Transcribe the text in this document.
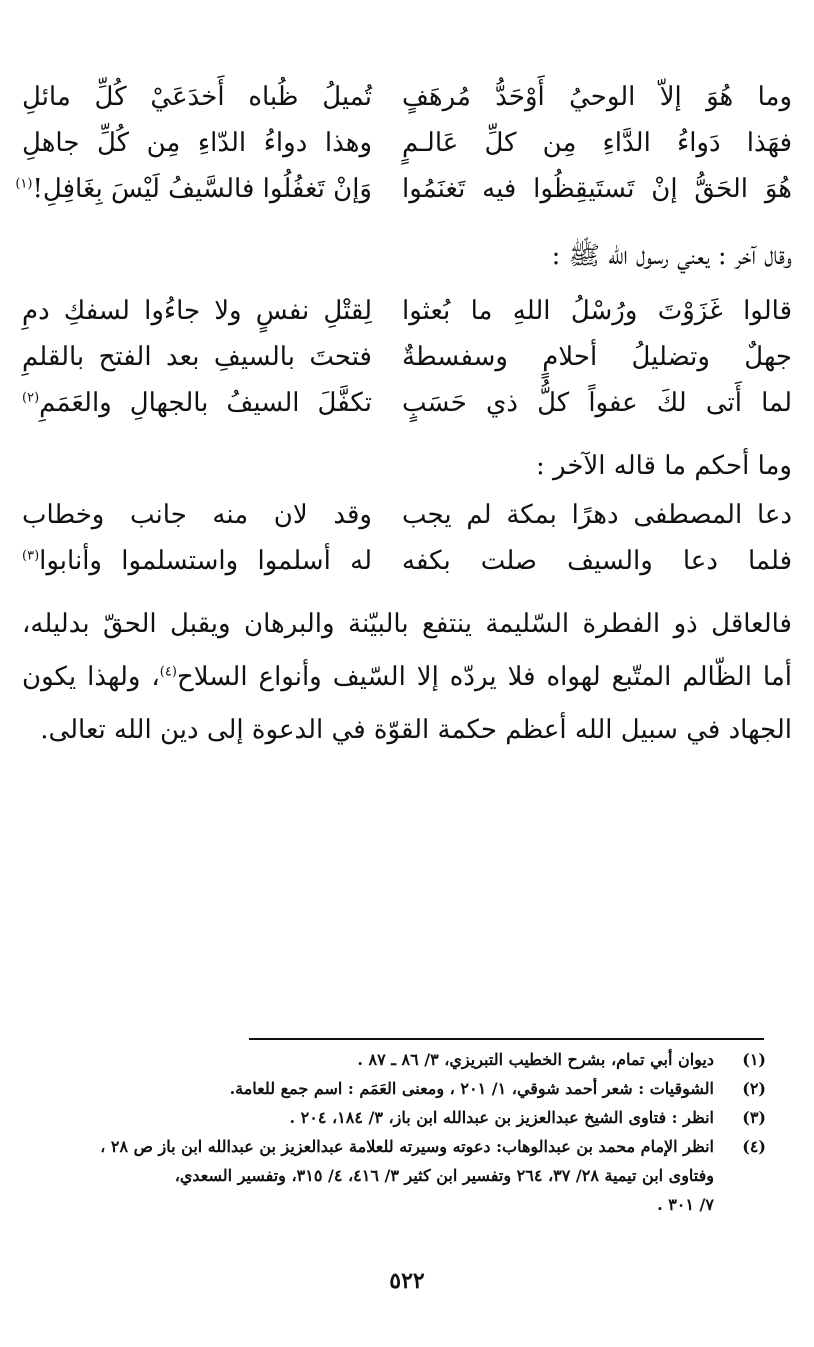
وما هُوَ إلاّ الوحيُ أَوْحَدُّ مُرهَفٍ
تُميلُ ظُباه أَخدَعَيْ كُلِّ مائلِ
فهَذا دَواءُ الدَّاءِ مِن كلِّ عَالـمٍ
وهذا دواءُ الدّاءِ مِن كُلِّ جاهلِ
هُوَ الحَقُّ إنْ تَستَيقِظُوا فيه تَغنَمُوا
وَإنْ تَغفُلُوا فالسَّيفُ لَيْسَ بِغَافِلِ!$^{(١)}$
وقال آخر : يعني رسول الله ﷺ :
قالوا غَزَوْتَ ورُسْلُ اللهِ ما بُعثوا
لِقتْلِ نفسٍ ولا جاءُوا لسفكِ دمِ
جهلٌ وتضليلُ أحلامٍ وسفسطةٌ
فتحتَ بالسيفِ بعد الفتح بالقلمِ
لما أَتى لكَ عفواً كلُّ ذي حَسَبٍ
تكفَّلَ السيفُ بالجهالِ والعَمَمِ$^{(٢)}$
وما أحكم ما قاله الآخر :
دعا المصطفى دهرًا بمكة لم يجب
وقد لان منه جانب وخطاب
فلما دعا والسيف صلت بكفه
له أسلموا واستسلموا وأنابوا$^{(٣)}$
فالعاقل ذو الفطرة السّليمة ينتفع بالبيّنة والبرهان ويقبل الحقّ بدليله،
أما الظّالم المتّبع لهواه فلا يردّه إلا السّيف وأنواع السلاح$^{(٤)}$، ولهذا يكون
الجهاد في سبيل الله أعظم حكمة القوّة في الدعوة إلى دين الله تعالى.
(١)
ديوان أبي تمام، بشرح الخطيب التبريزي، ٣/ ٨٦ ـ ٨٧ .
(٢)
الشوقيات : شعر أحمد شوقي، ١/ ٢٠١ ، ومعنى العَمَم : اسم جمع للعامة.
(٣)
انظر : فتاوى الشيخ عبدالعزيز بن عبدالله ابن باز، ٣/ ١٨٤، ٢٠٤ .
(٤)
انظر الإمام محمد بن عبدالوهاب: دعوته وسيرته للعلامة عبدالعزيز بن عبدالله ابن باز ص ٢٨ ،
وفتاوى ابن تيمية ٢٨/ ٣٧، ٢٦٤ وتفسير ابن كثير ٣/ ٤١٦، ٤/ ٣١٥، وتفسير السعدي،
٧/ ٣٠١ .
٥٢٢
